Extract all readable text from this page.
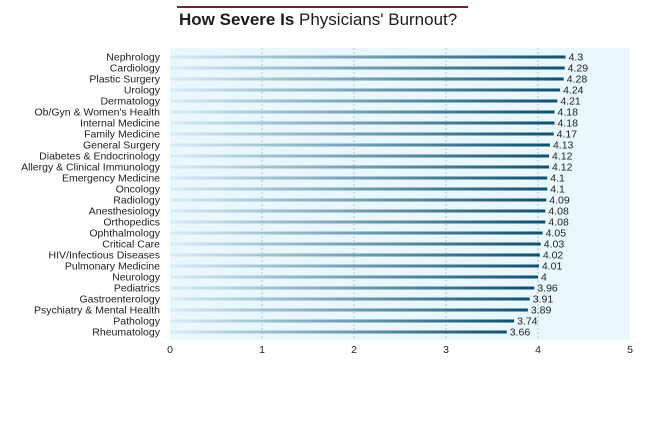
How Severe Is Physicians' Burnout?
Nephrology	4.3
Cardiology	4.29
Plastic Surgery	4.28
Urology	4.24
Dermatology	4.21
Ob/Gyn & Women's Health	4.18
Internal Medicine	4.18
Family Medicine	4.17
General Surgery	4.13
Diabetes & Endocrinology	4.12
Allergy & Clinical Immunology	4.12
Emergency Medicine	4.1
Oncology	4.1
Radiology	4.09
Anesthesiology	4.08
Orthopedics	4.08
Ophthalmology	4.05
Critical Care	4.03
HIV/Infectious Diseases	4.02
Pulmonary Medicine	4.01
Neurology	4
Pediatrics	3.96
Gastroenterology	3.91
Psychiatry & Mental Health	3.89
Pathology	3.74
Rheumatology	3.66
0	1	2	3	4	5
